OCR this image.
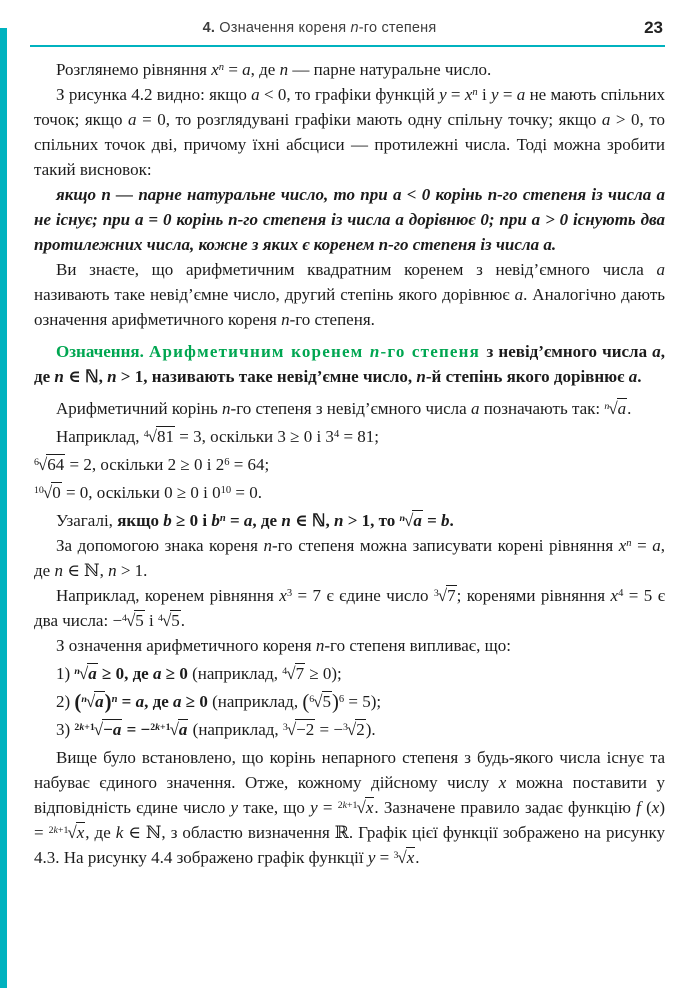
4. Означення кореня n-го степеня	23

Розглянемо рівняння $x^n = a$, де n — парне натуральне число.

З рисунка 4.2 видно: якщо a < 0, то графіки функцій $y = x^n$ і y = a не мають спільних точок; якщо a = 0, то розглядувані графіки мають одну спільну точку; якщо a > 0, то спільних точок дві, причому їхні абсциси — протилежні числа. Тоді можна зробити такий висновок:

якщо n — парне натуральне число, то при a < 0 корінь n-го степеня із числа a не існує; при a = 0 корінь n-го степеня із числа a дорівнює 0; при a > 0 існують два протилежних числа, кожне з яких є коренем n-го степеня із числа a.

Ви знаєте, що арифметичним квадратним коренем з невід’ємного числа a називають таке невід’ємне число, другий степінь якого дорівнює a. Аналогічно дають означення арифметичного кореня n-го степеня.

Означення. Арифметичним коренем n-го степеня з невід’ємного числа a, де n ∈ ℕ, n > 1, називають таке невід’ємне число, n-й степінь якого дорівнює a.

Арифметичний корінь n-го степеня з невід’ємного числа a позначають так: $^n$√a.

Наприклад, $^4$√81 = 3, оскільки 3 ≥ 0 і $3^4 = 81$;

$^6$√64 = 2, оскільки 2 ≥ 0 і $2^6 = 64$;

$^{10}$√0 = 0, оскільки 0 ≥ 0 і $0^{10} = 0$.

Узагалі, якщо b ≥ 0 і $b^n = a$, де n ∈ ℕ, n > 1, то $^n$√a = b.

За допомогою знака кореня n-го степеня можна записувати корені рівняння $x^n = a$, де n ∈ ℕ, n > 1.

Наприклад, коренем рівняння $x^3 = 7$ є єдине число $^3$√7; коренями рівняння $x^4 = 5$ є два числа: −$^4$√5 і $^4$√5.

З означення арифметичного кореня n-го степеня випливає, що:

1) $^n$√a ≥ 0, де a ≥ 0 (наприклад, $^4$√7 ≥ 0);

2) $(^n√a)^n = a$, де a ≥ 0 (наприклад, $(^6√5)^6 = 5$);

3) $^{2k+1}$√−a = −$^{2k+1}$√a (наприклад, $^3$√−2 = −$^3$√2).

Вище було встановлено, що корінь непарного степеня з будь-якого числа існує та набуває єдиного значення. Отже, кожному дійсному числу x можна поставити у відповідність єдине число y таке, що y = $^{2k+1}$√x. Зазначене правило задає функцію f (x) = $^{2k+1}$√x, де k ∈ ℕ, з областю визначення ℝ. Графік цієї функції зображено на рисунку 4.3. На рисунку 4.4 зображено графік функції y = $^3$√x.
